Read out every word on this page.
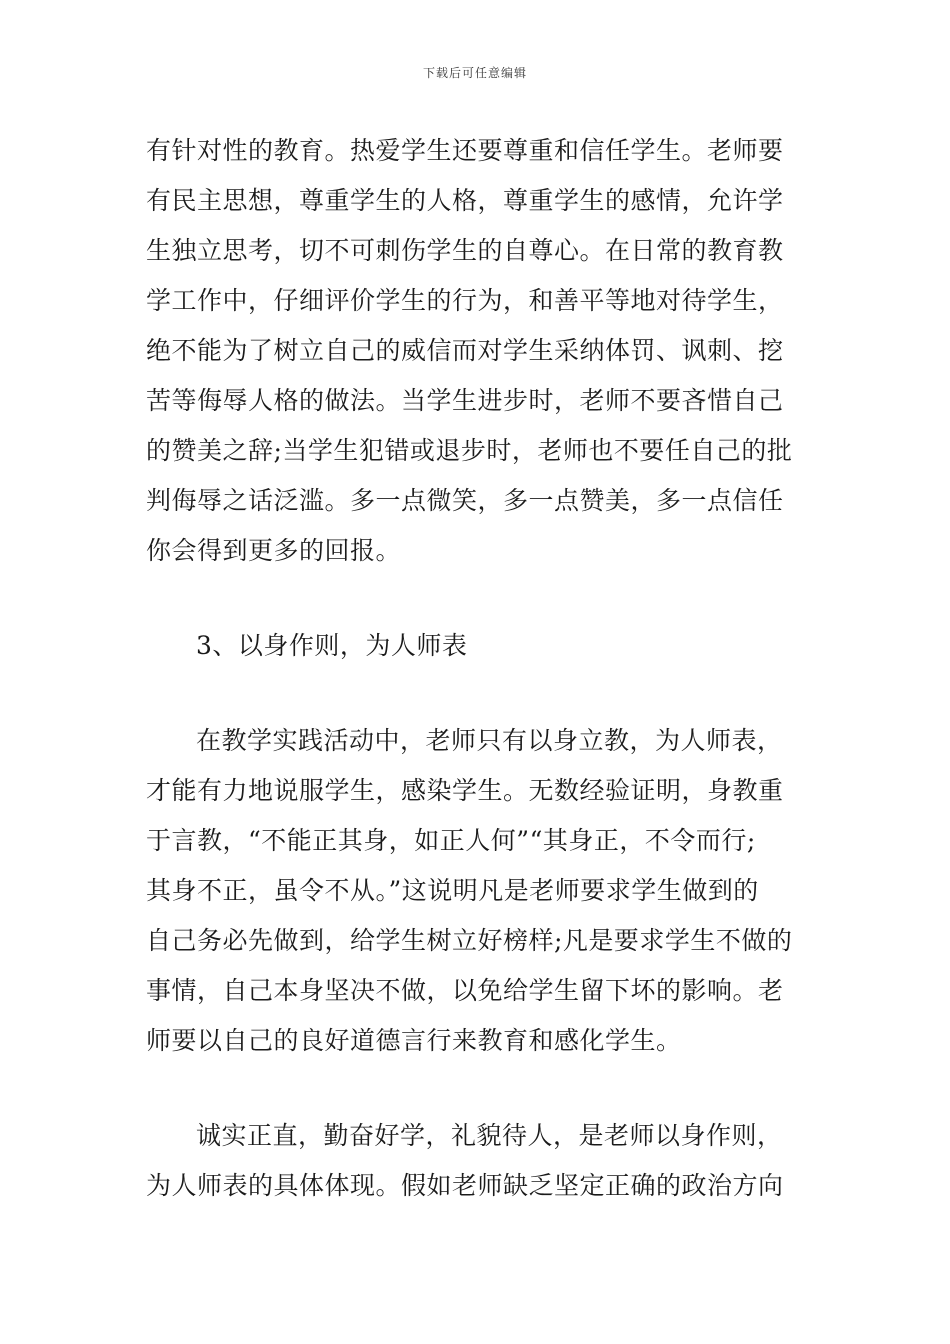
下载后可任意编辑
有针对性的教育。热爱学生还要尊重和信任学生。老师要
有民主思想，尊重学生的人格，尊重学生的感情，允许学
生独立思考，切不可刺伤学生的自尊心。在日常的教育教
学工作中，仔细评价学生的行为，和善平等地对待学生，
绝不能为了树立自己的威信而对学生采纳体罚、讽刺、挖
苦等侮辱人格的做法。当学生进步时，老师不要吝惜自己
的赞美之辞;当学生犯错或退步时，老师也不要任自己的批
判侮辱之话泛滥。多一点微笑，多一点赞美，多一点信任
你会得到更多的回报。
3、以身作则，为人师表
在教学实践活动中，老师只有以身立教，为人师表，
才能有力地说服学生，感染学生。无数经验证明，身教重
于言教，“不能正其身，如正人何”“其身正，不令而行;
其身不正，虽令不从。”这说明凡是老师要求学生做到的
自己务必先做到，给学生树立好榜样;凡是要求学生不做的
事情，自己本身坚决不做，以免给学生留下坏的影响。老
师要以自己的良好道德言行来教育和感化学生。
诚实正直，勤奋好学，礼貌待人，是老师以身作则，
为人师表的具体体现。假如老师缺乏坚定正确的政治方向
